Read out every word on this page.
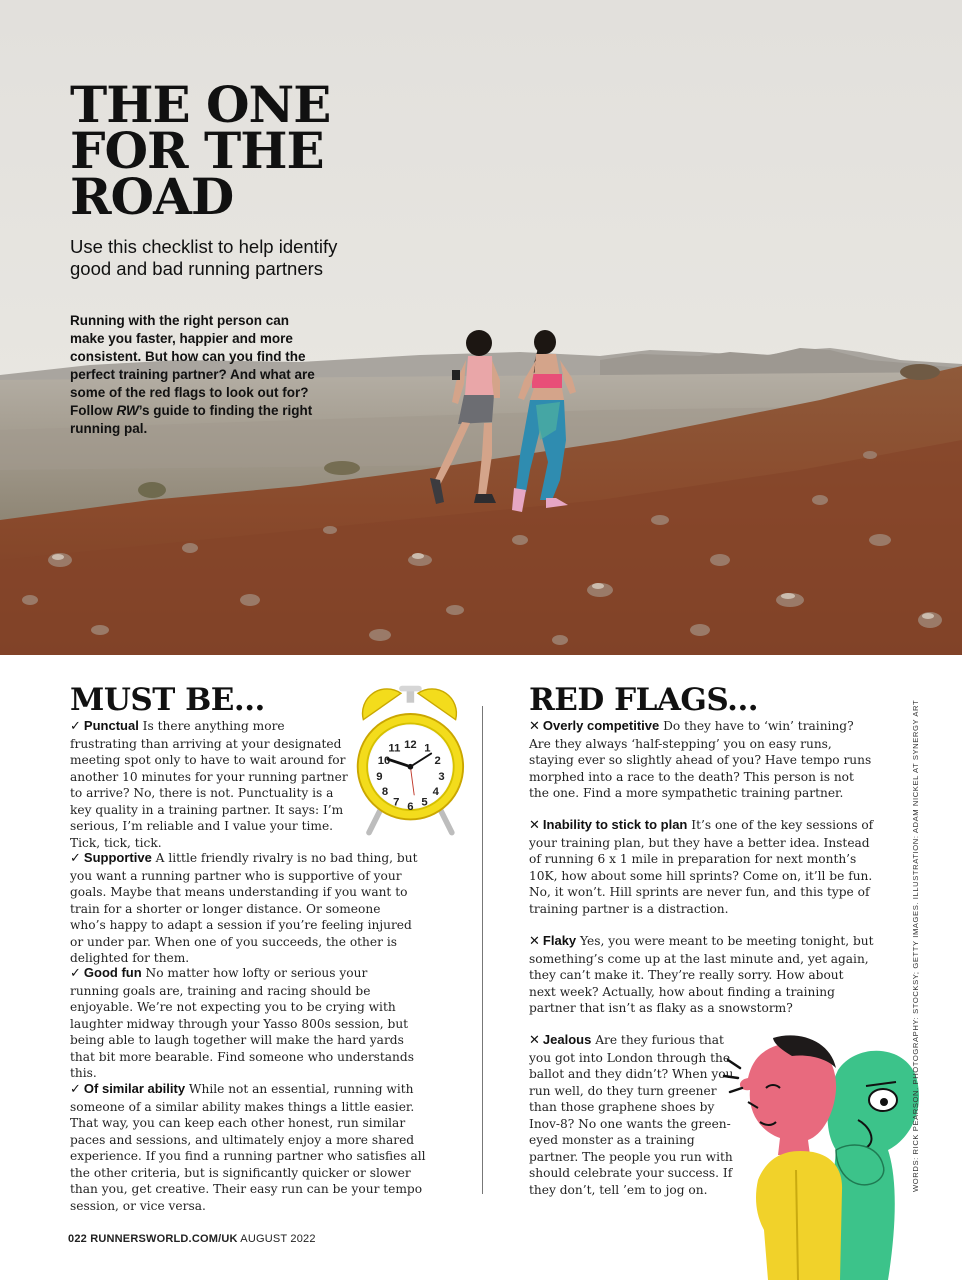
THE ONE
FOR THE
ROAD
Use this checklist to help identify good and bad running partners

Running with the right person can make you faster, happier and more consistent. But how can you find the perfect training partner? And what are some of the red flags to look out for? Follow RW’s guide to finding the right running pal.

MUST BE...
✓ Punctual Is there anything more frustrating than arriving at your designated meeting spot only to have to wait around for another 10 minutes for your running partner to arrive? No, there is not. Punctuality is a key quality in a training partner. It says: I’m serious, I’m reliable and I value your time. Tick, tick, tick.
✓ Supportive A little friendly rivalry is no bad thing, but you want a running partner who is supportive of your goals. Maybe that means understanding if you want to train for a shorter or longer distance. Or someone who’s happy to adapt a session if you’re feeling injured or under par. When one of you succeeds, the other is delighted for them.
✓ Good fun No matter how lofty or serious your running goals are, training and racing should be enjoyable. We’re not expecting you to be crying with laughter midway through your Yasso 800s session, but being able to laugh together will make the hard yards that bit more bearable. Find someone who understands this.
✓ Of similar ability While not an essential, running with someone of a similar ability makes things a little easier. That way, you can keep each other honest, run similar paces and sessions, and ultimately enjoy a more shared experience. If you find a running partner who satisfies all the other criteria, but is significantly quicker or slower than you, get creative. Their easy run can be your tempo session, or vice versa.
12 1
2
3
4
5
6
7
8
9
10
11
RED FLAGS...
✕ Overly competitive Do they have to ‘win’ training? Are they always ‘half-stepping’ you on easy runs, staying ever so slightly ahead of you? Have tempo runs morphed into a race to the death? This person is not the one. Find a more sympathetic training partner.
✕ Inability to stick to plan It’s one of the key sessions of your training plan, but they have a better idea. Instead of running 6 x 1 mile in preparation for next month’s 10K, how about some hill sprints? Come on, it’ll be fun. No, it won’t. Hill sprints are never fun, and this type of training partner is a distraction.
✕ Flaky Yes, you were meant to be meeting tonight, but something’s come up at the last minute and, yet again, they can’t make it. They’re really sorry. How about next week? Actually, how about finding a training partner that isn’t as flaky as a snowstorm?
✕ Jealous Are they furious that you got into London through the ballot and they didn’t? When you run well, do they turn greener than those graphene shoes by Inov-8? No one wants the green-eyed monster as a training partner. The people you run with should celebrate your success. If they don’t, tell ’em to jog on.
022 RUNNERSWORLD.COM/UK AUGUST 2022
WORDS: RICK PEARSON. PHOTOGRAPHY: STOCKSY; GETTY IMAGES. ILLUSTRATION: ADAM NICKEL AT SYNERGY ART
